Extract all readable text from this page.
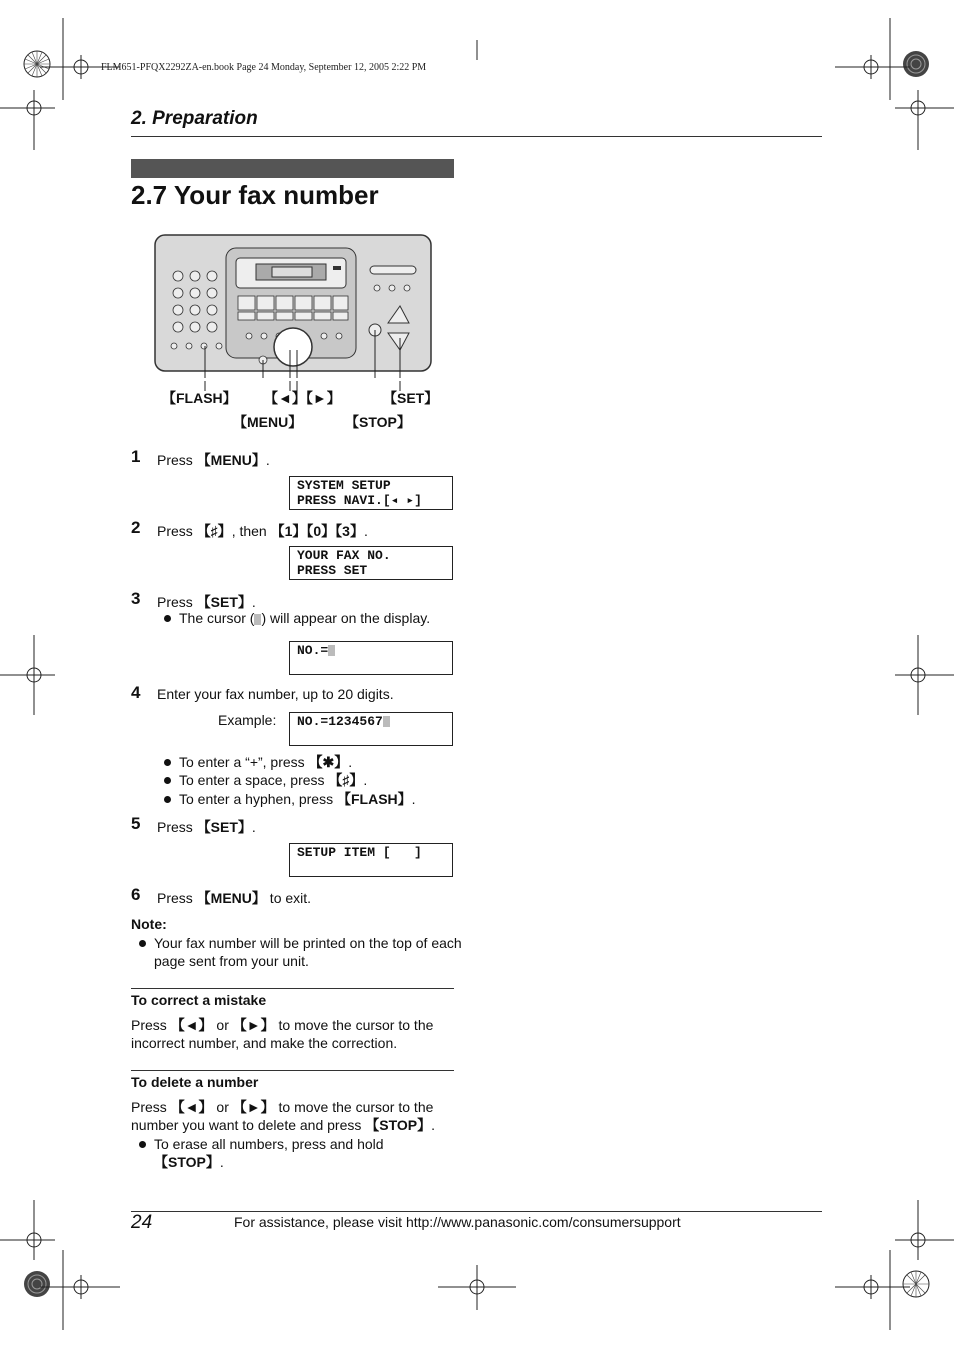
FLM651-PFQX2292ZA-en.book Page 24 Monday, September 12, 2005 2:22 PM
2. Preparation
2.7 Your fax number
【FLASH】 【◄】【►】	【SET】
【MENU】	【STOP】
1 Press 【MENU】.
SYSTEM SETUP
PRESS NAVI.[◂ ▸]
2 Press 【♯】, then 【1】【0】【3】.
YOUR FAX NO.
PRESS SET
3 Press 【SET】.
The cursor ( ) will appear on the display.
NO.=
4 Enter your fax number, up to 20 digits.
Example:	NO.=1234567
To enter a “+”, press 【✱】.
To enter a space, press 【♯】.
To enter a hyphen, press 【FLASH】.
5 Press 【SET】.
SETUP ITEM [   ]
6 Press 【MENU】 to exit.
Note:
Your fax number will be printed on the top of each page sent from your unit.
To correct a mistake
Press 【◄】 or 【►】 to move the cursor to the incorrect number, and make the correction.
To delete a number
Press 【◄】 or 【►】 to move the cursor to the number you want to delete and press 【STOP】.
To erase all numbers, press and hold 【STOP】.
24	For assistance, please visit http://www.panasonic.com/consumersupport
